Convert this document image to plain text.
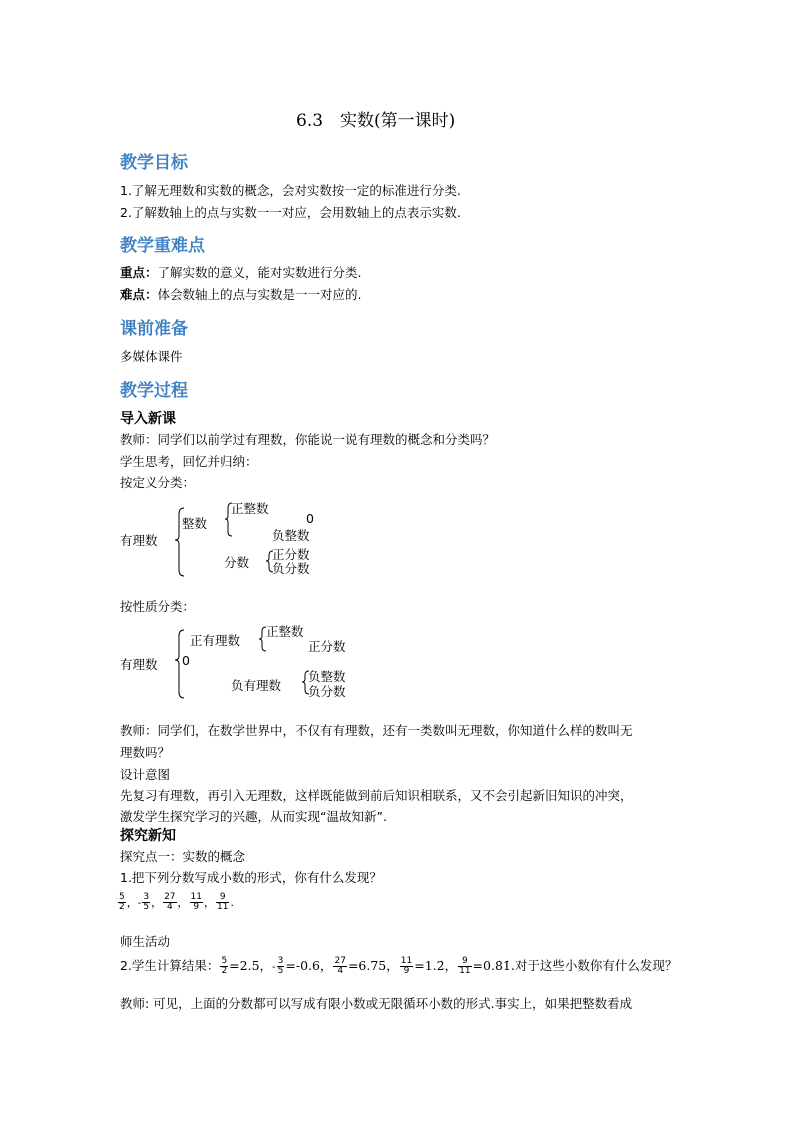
6.3　实数(第一课时)
教学目标
1.了解无理数和实数的概念，会对实数按一定的标准进行分类.
2.了解数轴上的点与实数一一对应，会用数轴上的点表示实数.
教学重难点
重点：了解实数的意义，能对实数进行分类.
难点：体会数轴上的点与实数是一一对应的.
课前准备
多媒体课件
教学过程
导入新课
教师：同学们以前学过有理数，你能说一说有理数的概念和分类吗？
学生思考，回忆并归纳：
按定义分类：
有理数
整数
正整数
0
负整数
分数
正分数
负分数
按性质分类：
有理数
正有理数
正整数
正分数
0
负有理数
负整数
负分数
教师：同学们，在数学世界中，不仅有有理数，还有一类数叫无理数，你知道什么样的数叫无
理数吗？
设计意图
先复习有理数，再引入无理数，这样既能做到前后知识相联系，又不会引起新旧知识的冲突，
激发学生探究学习的兴趣，从而实现“温故知新”.
探究新知
探究点一：实数的概念
1.把下列分数写成小数的形式，你有什么发现？
$\frac{5}{2}$ ，- $\frac{3}{5}$ ， $\frac{27}{4}$ ， $\frac{11}{9}$ ， $\frac{9}{11}$ .
师生活动
2.学生计算结果： $\frac{5}{2} =2.5$，- $\frac{3}{5} =-0.6$， $\frac{27}{4} =6.75$， $\frac{11}{9}$ =1.2̇， $\frac{9}{11}$ =0.8̇1̇.对于这些小数你有什么发现？
教师: 可见，上面的分数都可以写成有限小数或无限循环小数的形式.事实上，如果把整数看成
